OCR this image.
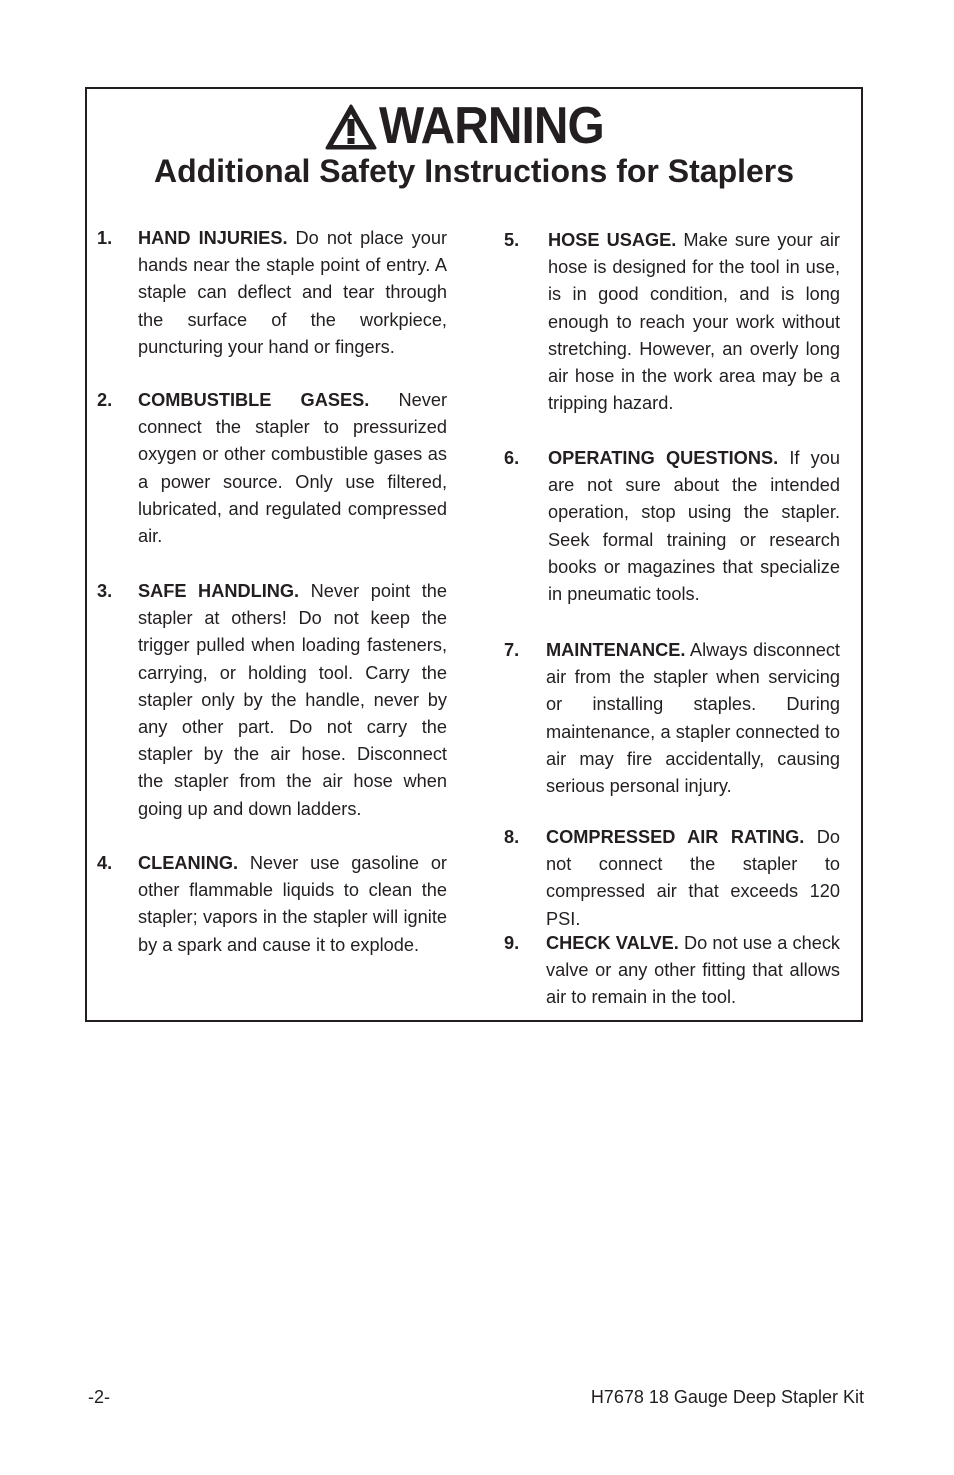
WARNING
Additional Safety Instructions for Staplers
1. HAND INJURIES. Do not place your hands near the staple point of entry. A staple can deflect and tear through the surface of the workpiece, puncturing your hand or fingers.
2. COMBUSTIBLE GASES. Never connect the stapler to pressurized oxygen or other combustible gases as a power source. Only use filtered, lubricated, and regulated compressed air.
3. SAFE HANDLING. Never point the stapler at others! Do not keep the trigger pulled when loading fasteners, carrying, or holding tool. Carry the stapler only by the handle, never by any other part. Do not carry the stapler by the air hose. Disconnect the stapler from the air hose when going up and down ladders.
4. CLEANING. Never use gasoline or other flammable liquids to clean the stapler; vapors in the stapler will ignite by a spark and cause it to explode.
5. HOSE USAGE. Make sure your air hose is designed for the tool in use, is in good condition, and is long enough to reach your work without stretching. However, an overly long air hose in the work area may be a tripping hazard.
6. OPERATING QUESTIONS. If you are not sure about the intended operation, stop using the stapler. Seek formal training or research books or magazines that specialize in pneumatic tools.
7. MAINTENANCE. Always disconnect air from the stapler when servicing or installing staples. During maintenance, a stapler connected to air may fire accidentally, causing serious personal injury.
8. COMPRESSED AIR RATING. Do not connect the stapler to compressed air that exceeds 120 PSI.
9. CHECK VALVE. Do not use a check valve or any other fitting that allows air to remain in the tool.
-2-	H7678 18 Gauge Deep Stapler Kit
